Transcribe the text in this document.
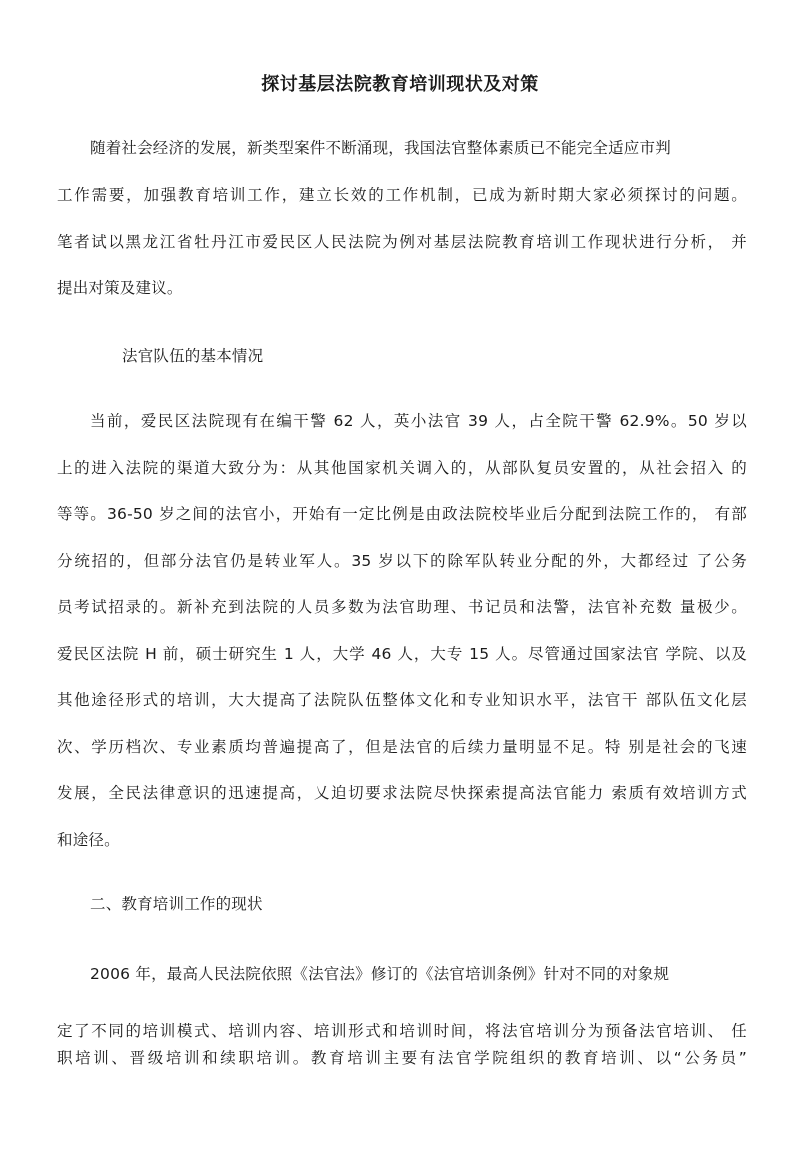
探讨基层法院教育培训现状及对策
随着社会经济的发展，新类型案件不断涌现，我国法官整体素质已不能完全适应市判
工作需要，加强教育培训工作，建立长效的工作机制，已成为新时期大家必须探讨的问题。
笔者试以黑龙江省牡丹江市爱民区人民法院为例对基层法院教育培训工作现状进行分析， 并
提出对策及建议。
法官队伍的基本情况
当前，爱民区法院现有在编干警 62 人，英小法官 39 人，占全院干警 62.9%。50 岁以
上的进入法院的渠道大致分为：从其他国家机关调入的，从部队复员安置的，从社会招入 的
等等。36-50 岁之间的法官小，开始有一定比例是由政法院校毕业后分配到法院工作的， 有部
分统招的，但部分法官仍是转业军人。35 岁以下的除军队转业分配的外，大都经过 了公务
员考试招录的。新补充到法院的人员多数为法官助理、书记员和法警，法官补充数 量极少。
爱民区法院 H 前，硕士研究生 1 人，大学 46 人，大专 15 人。尽管通过国家法官 学院、以及
其他途径形式的培训，大大提高了法院队伍整体文化和专业知识水平，法官干 部队伍文化层
次、学历档次、专业素质均普遍提高了，但是法官的后续力量明显不足。特 别是社会的飞速
发展，全民法律意识的迅速提高，乂迫切要求法院尽快探索提高法官能力 索质有效培训方式
和途径。
二、教育培训工作的现状
2006 年，最高人民法院依照《法官法》修订的《法官培训条例》针对不同的对象规
定了不同的培训模式、培训内容、培训形式和培训时间，将法官培训分为预备法官培训、 任
职培训、晋级培训和续职培训。教育培训主要有法官学院组织的教育培训、以“公务员”
